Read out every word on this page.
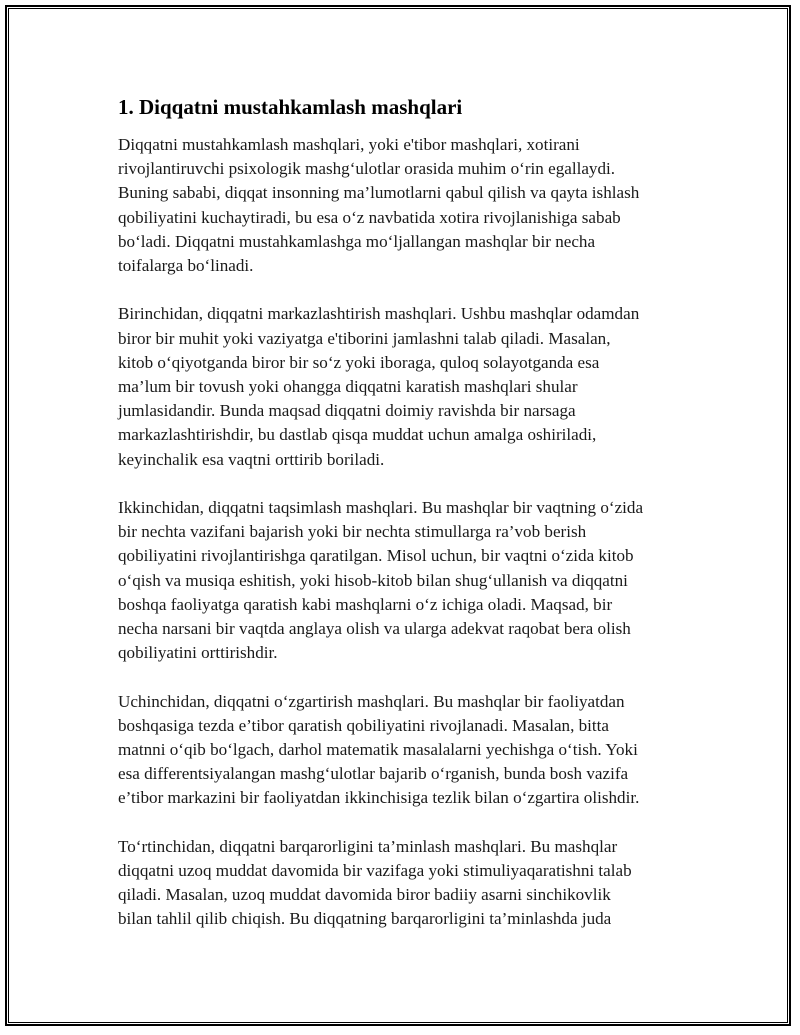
1. Diqqatni mustahkamlash mashqlari

Diqqatni mustahkamlash mashqlari, yoki e'tibor mashqlari, xotirani
rivojlantiruvchi psixologik mashg‘ulotlar orasida muhim o‘rin egallaydi.
Buning sababi, diqqat insonning ma’lumotlarni qabul qilish va qayta ishlash
qobiliyatini kuchaytiradi, bu esa o‘z navbatida xotira rivojlanishiga sabab
bo‘ladi. Diqqatni mustahkamlashga mo‘ljallangan mashqlar bir necha
toifalarga bo‘linadi.

Birinchidan, diqqatni markazlashtirish mashqlari. Ushbu mashqlar odamdan
biror bir muhit yoki vaziyatga e'tiborini jamlashni talab qiladi. Masalan,
kitob o‘qiyotganda biror bir so‘z yoki iboraga, quloq solayotganda esa
ma’lum bir tovush yoki ohangga diqqatni karatish mashqlari shular
jumlasidandir. Bunda maqsad diqqatni doimiy ravishda bir narsaga
markazlashtirishdir, bu dastlab qisqa muddat uchun amalga oshiriladi,
keyinchalik esa vaqtni orttirib boriladi.

Ikkinchidan, diqqatni taqsimlash mashqlari. Bu mashqlar bir vaqtning o‘zida
bir nechta vazifani bajarish yoki bir nechta stimullarga ra’vob berish
qobiliyatini rivojlantirishga qaratilgan. Misol uchun, bir vaqtni o‘zida kitob
o‘qish va musiqa eshitish, yoki hisob-kitob bilan shug‘ullanish va diqqatni
boshqa faoliyatga qaratish kabi mashqlarni o‘z ichiga oladi. Maqsad, bir
necha narsani bir vaqtda anglaya olish va ularga adekvat raqobat bera olish
qobiliyatini orttirishdir.

Uchinchidan, diqqatni o‘zgartirish mashqlari. Bu mashqlar bir faoliyatdan
boshqasiga tezda e’tibor qaratish qobiliyatini rivojlanadi. Masalan, bitta
matnni o‘qib bo‘lgach, darhol matematik masalalarni yechishga o‘tish. Yoki
esa differentsiyalangan mashg‘ulotlar bajarib o‘rganish, bunda bosh vazifa
e’tibor markazini bir faoliyatdan ikkinchisiga tezlik bilan o‘zgartira olishdir.

To‘rtinchidan, diqqatni barqarorligini ta’minlash mashqlari. Bu mashqlar
diqqatni uzoq muddat davomida bir vazifaga yoki stimuliyaqaratishni talab
qiladi. Masalan, uzoq muddat davomida biror badiiy asarni sinchikovlik
bilan tahlil qilib chiqish. Bu diqqatning barqarorligini ta’minlashda juda
